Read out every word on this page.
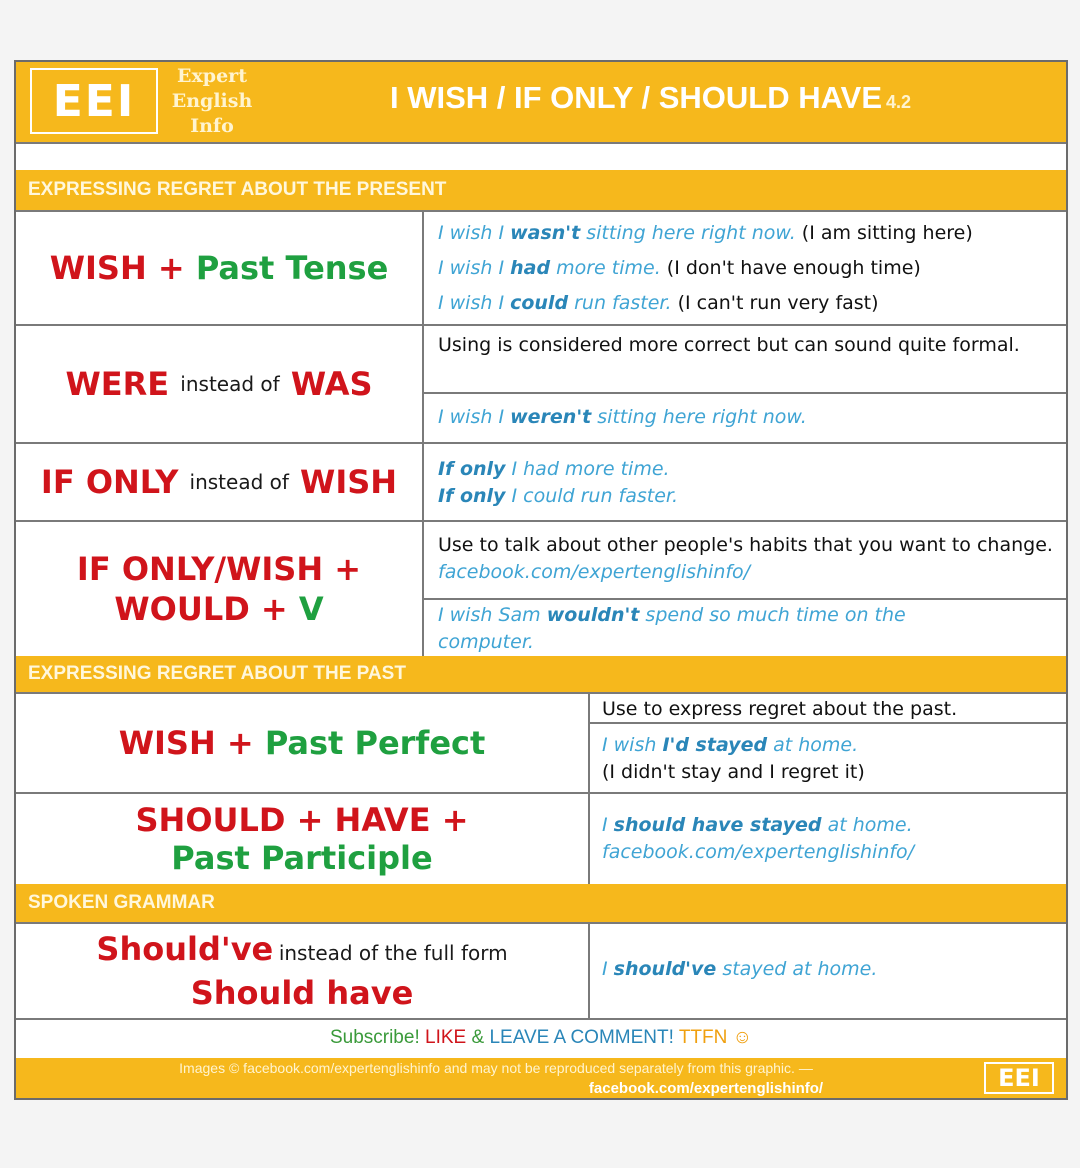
EEI	Expert
English
Info
I WISH / IF ONLY / SHOULD HAVE 4.2
EXPRESSING REGRET ABOUT THE PRESENT
WISH +
Past Tense
I wish I wasn't sitting here right now. (I am sitting here)
I wish I had more time. (I don't have enough time)
I wish I could run faster. (I can't run very fast)
WERE
instead of
WAS
Using is considered more correct but can sound quite formal.
I wish I weren't sitting here right now.
IF ONLY
instead of
WISH If only I had more time.
If only I could run faster.
IF ONLY/WISH +
WOULD + V
Use to talk about other people's habits that you want to change. facebook.com/expertenglishinfo/
I wish Sam wouldn't spend so much time on the computer.
EXPRESSING REGRET ABOUT THE PAST
WISH +
Past Perfect
Use to express regret about the past.
I wish I'd stayed at home.
(I didn't stay and I regret it)
SHOULD + HAVE +
Past Participle
I should have stayed at home.
facebook.com/expertenglishinfo/
SPOKEN GRAMMAR
Should've instead of the full form
Should have
I should've stayed at home.
Subscribe! LIKE & LEAVE A COMMENT! TTFN ☺
Images © facebook.com/expertenglishinfo and may not be reproduced separately from this graphic. —
facebook.com/expertenglishinfo/	EEI
